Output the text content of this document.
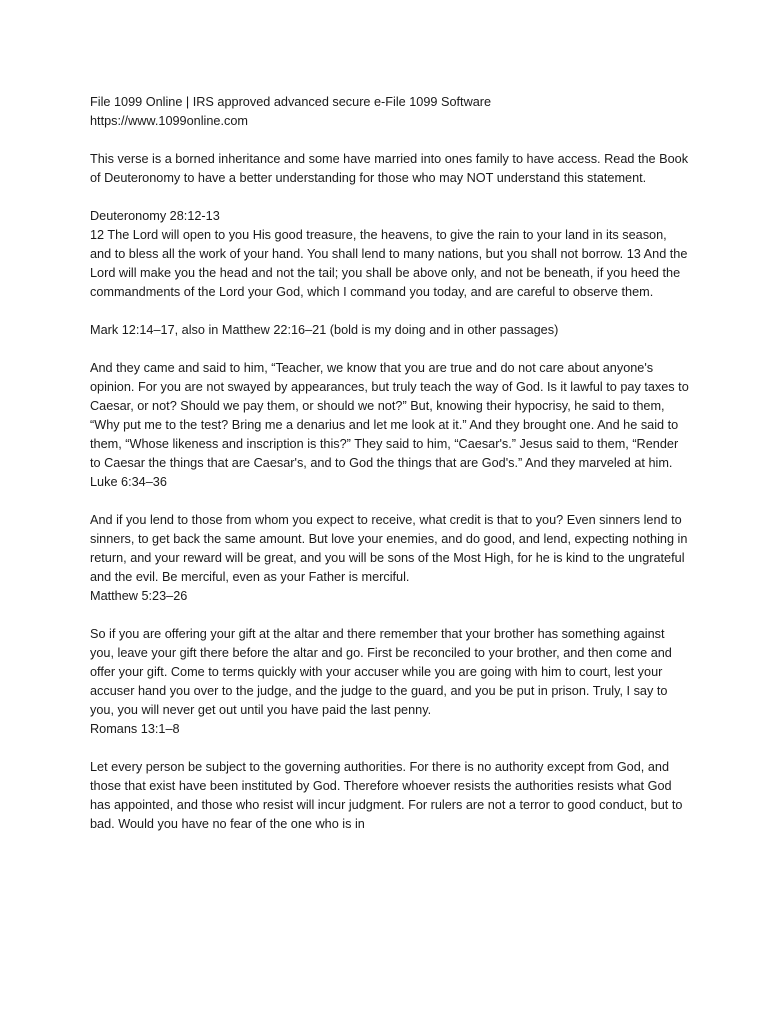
File 1099 Online | IRS approved advanced secure e-File 1099 Software

https://www.1099online.com

This verse is a borned inheritance and some have married into ones family to have access. Read the Book of Deuteronomy to have a better understanding for those who may NOT understand this statement.

Deuteronomy 28:12-13

12 The Lord will open to you His good treasure, the heavens, to give the rain to your land in its season, and to bless all the work of your hand. You shall lend to many nations, but you shall not borrow. 13 And the Lord will make you the head and not the tail; you shall be above only, and not be beneath, if you heed the commandments of the Lord your God, which I command you today, and are careful to observe them.

Mark 12:14–17, also in Matthew 22:16–21 (bold is my doing and in other passages)

And they came and said to him, “Teacher, we know that you are true and do not care about anyone's opinion. For you are not swayed by appearances, but truly teach the way of God. Is it lawful to pay taxes to Caesar, or not? Should we pay them, or should we not?” But, knowing their hypocrisy, he said to them, “Why put me to the test? Bring me a denarius and let me look at it.” And they brought one. And he said to them, “Whose likeness and inscription is this?” They said to him, “Caesar's.” Jesus said to them, “Render to Caesar the things that are Caesar's, and to God the things that are God's.” And they marveled at him.

Luke 6:34–36

And if you lend to those from whom you expect to receive, what credit is that to you? Even sinners lend to sinners, to get back the same amount. But love your enemies, and do good, and lend, expecting nothing in return, and your reward will be great, and you will be sons of the Most High, for he is kind to the ungrateful and the evil. Be merciful, even as your Father is merciful.

Matthew 5:23–26

So if you are offering your gift at the altar and there remember that your brother has something against you, leave your gift there before the altar and go. First be reconciled to your brother, and then come and offer your gift. Come to terms quickly with your accuser while you are going with him to court, lest your accuser hand you over to the judge, and the judge to the guard, and you be put in prison. Truly, I say to you, you will never get out until you have paid the last penny.

Romans 13:1–8

Let every person be subject to the governing authorities. For there is no authority except from God, and those that exist have been instituted by God. Therefore whoever resists the authorities resists what God has appointed, and those who resist will incur judgment. For rulers are not a terror to good conduct, but to bad. Would you have no fear of the one who is in
